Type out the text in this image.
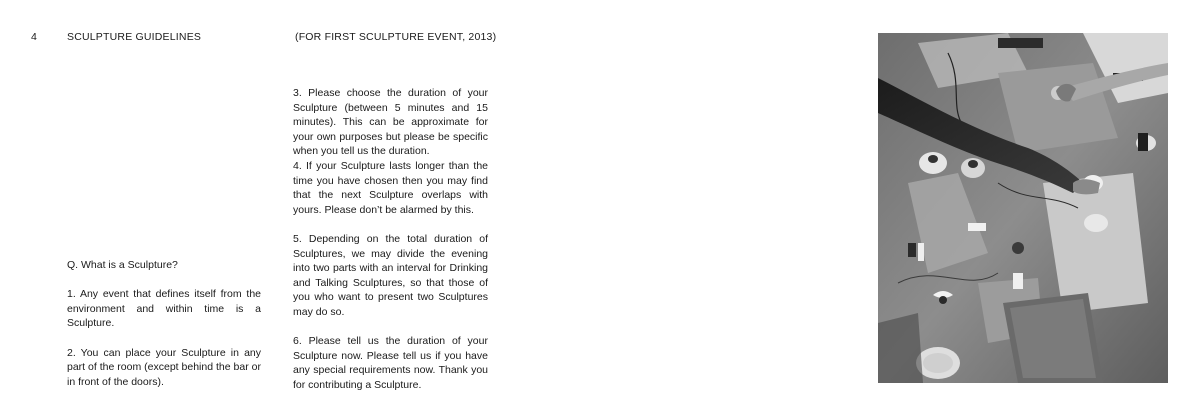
4	SCULPTURE GUIDELINES	(FOR FIRST SCULPTURE EVENT, 2013)

Q. What is a Sculpture?

1. Any event that defines itself from the environment and within time is a Sculpture.

2. You can place your Sculpture in any part of the room (except behind the bar or in front of the doors).

3. Please choose the duration of your Sculpture (between 5 minutes and 15 minutes). This can be approximate for your own purposes but please be specific when you tell us the duration.

4. If your Sculpture lasts longer than the time you have chosen then you may find that the next Sculpture overlaps with yours. Please don’t be alarmed by this.

5. Depending on the total duration of Sculptures, we may divide the evening into two parts with an interval for Drinking and Talking Sculptures, so that those of you who want to present two Sculptures may do so.

6. Please tell us the duration of your Sculpture now. Please tell us if you have any special requirements now. Thank you for contributing a Sculpture.
